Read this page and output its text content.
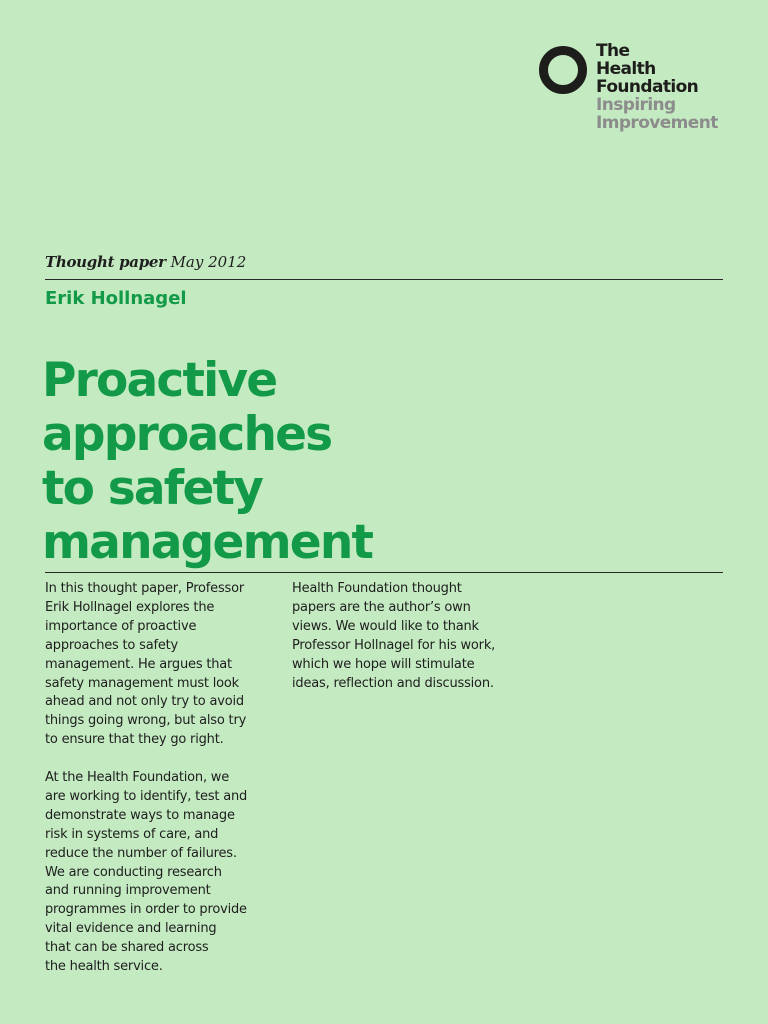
The
Health
Foundation
Inspiring
Improvement
Thought paper May 2012
Erik Hollnagel
Proactive
approaches
to safety
management

In this thought paper, Professor
Erik Hollnagel explores the
importance of proactive
approaches to safety
management. He argues that
safety management must look
ahead and not only try to avoid
things going wrong, but also try
to ensure that they go right.

At the Health Foundation, we
are working to identify, test and
demonstrate ways to manage
risk in systems of care, and
reduce the number of failures.
We are conducting research
and running improvement
programmes in order to provide
vital evidence and learning
that can be shared across
the health service.

Health Foundation thought
papers are the author’s own
views. We would like to thank
Professor Hollnagel for his work,
which we hope will stimulate
ideas, reflection and discussion.
